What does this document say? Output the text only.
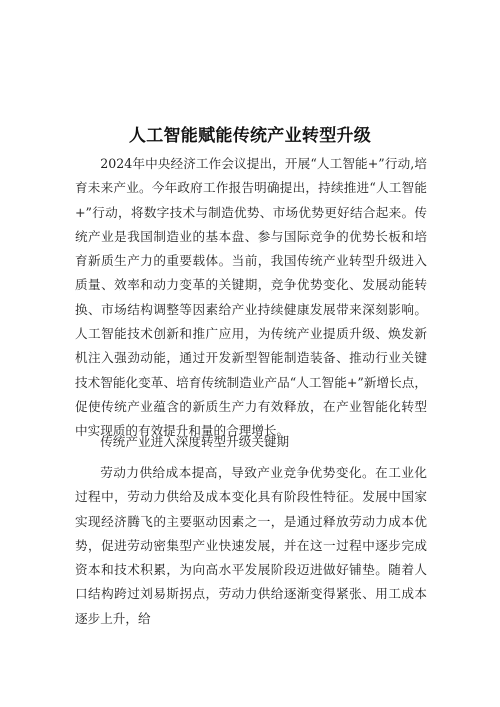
人工智能赋能传统产业转型升级

2024年中央经济工作会议提出，开展“人工智能+”行动,培育未来产业。今年政府工作报告明确提出，持续推进“人工智能+”行动，将数字技术与制造优势、市场优势更好结合起来。传统产业是我国制造业的基本盘、参与国际竞争的优势长板和培育新质生产力的重要载体。当前，我国传统产业转型升级进入质量、效率和动力变革的关键期，竞争优势变化、发展动能转换、市场结构调整等因素给产业持续健康发展带来深刻影响。人工智能技术创新和推广应用，为传统产业提质升级、焕发新机注入强劲动能，通过开发新型智能制造装备、推动行业关键技术智能化变革、培育传统制造业产品“人工智能+”新增长点，促使传统产业蕴含的新质生产力有效释放，在产业智能化转型中实现质的有效提升和量的合理增长。

传统产业进入深度转型升级关键期

劳动力供给成本提高，导致产业竞争优势变化。在工业化过程中，劳动力供给及成本变化具有阶段性特征。发展中国家实现经济腾飞的主要驱动因素之一，是通过释放劳动力成本优势，促进劳动密集型产业快速发展，并在这一过程中逐步完成资本和技术积累，为向高水平发展阶段迈进做好铺垫。随着人口结构跨过刘易斯拐点，劳动力供给逐渐变得紧张、用工成本逐步上升，给
